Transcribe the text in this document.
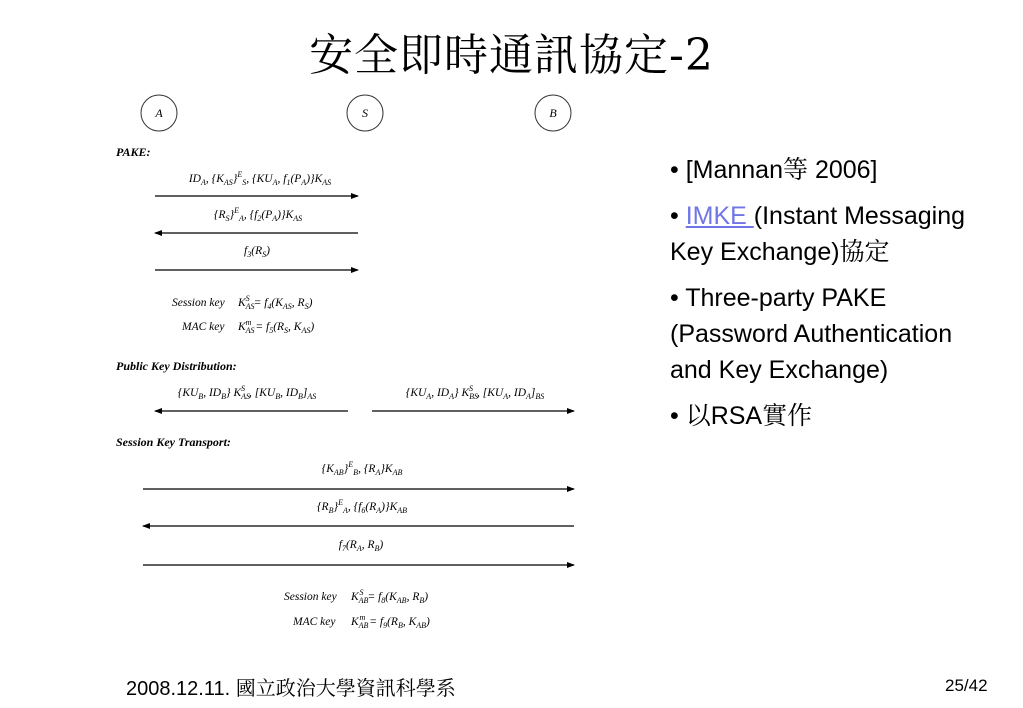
安全即時通訊協定-2
A	S	B
PAKE:
$ID_A$, $\{K_{AS}\}^E_S$, {$KU_A$, $f_1(P_A)\}K_{AS}$
$\{R_S\}^E_A$, $\{f_2(P_A)\}K_{AS}$
$f_3(R_S)$
Session key $K_{AS}S = f_4(K_{AS}$, $R_S$)
MAC key $K_{AS}m = f_5(R_S$, $K_{AS}$)
Public Key Distribution:
{$KU_B$, $ID_B$} $K_{AS}S$ , [$KU_B$, $ID_B]_{AS}$	{$KU_A$, $ID_A$} $K_{BS}S$ , [$KU_A$, $ID_A]_{BS}$
Session Key Transport:
$\{K_{AB}\}^E_B$, $\{R_A\}K_{AB}$
$\{R_B\}^E_A$, $\{f_6(R_A)\}K_{AB}$
$f_7(R_A$, $R_B$)
Session key $K_{AB}S = f_8(K_{AB}$, $R_B$)
MAC key $K_{AB}m = f_9(R_B$, $K_{AB}$)
• [Mannan等 2006]
• IMKE (Instant Messaging Key Exchange)協定
• Three-party PAKE (Password Authentication and Key Exchange)
• 以RSA實作
2008.12.11. 國立政治大學資訊科學系	25/42
